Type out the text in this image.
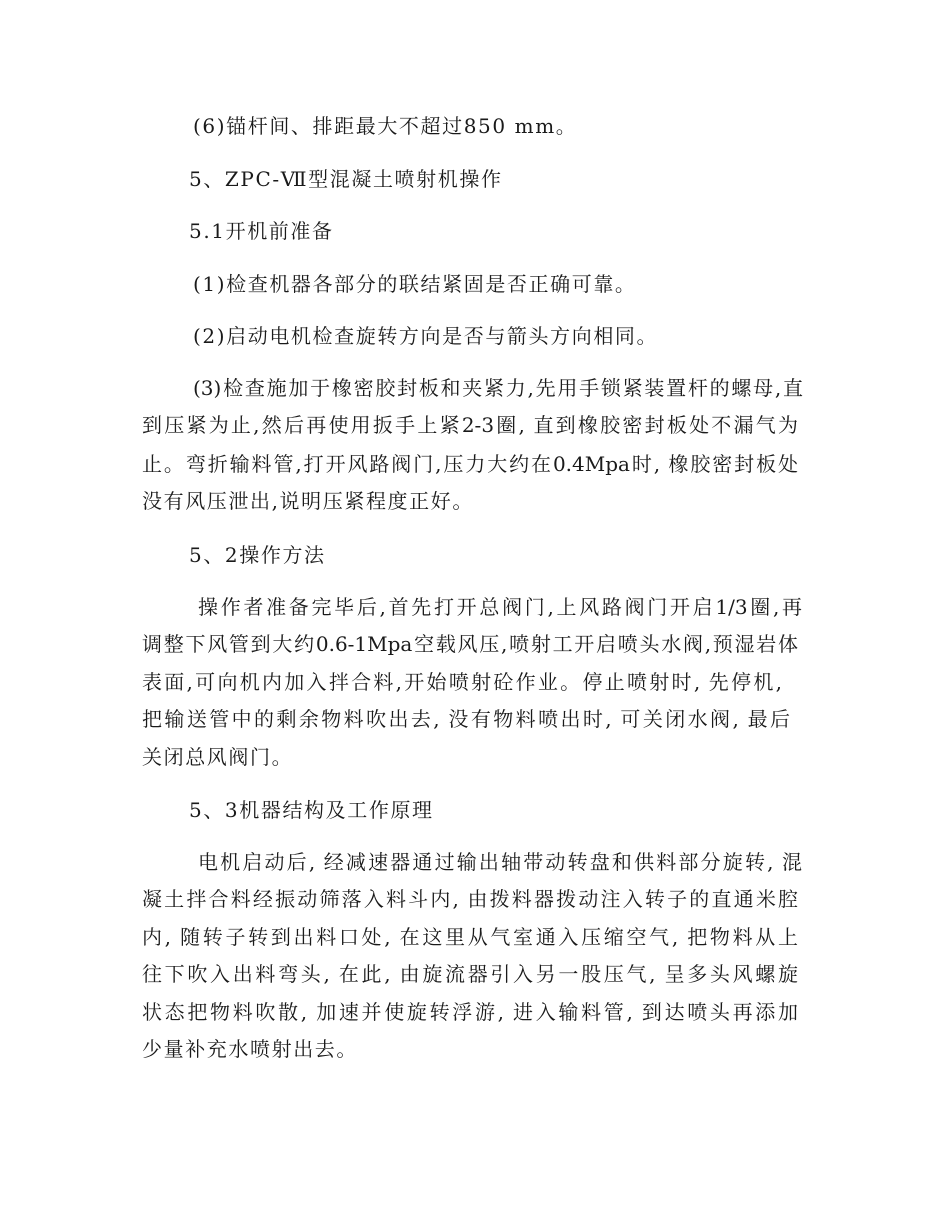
(6)锚杆间、排距最大不超过850 mm。
5、ZPC-Ⅶ型混凝土喷射机操作
5.1开机前准备
(1)检查机器各部分的联结紧固是否正确可靠。
(2)启动电机检查旋转方向是否与箭头方向相同。
(3)检查施加于橡密胶封板和夹紧力,先用手锁紧装置杆的螺母,直
到压紧为止,然后再使用扳手上紧2-3圈, 直到橡胶密封板处不漏气为
止。弯折输料管,打开风路阀门,压力大约在0.4Mpa时, 橡胶密封板处
没有风压泄出,说明压紧程度正好。
5、2操作方法
操作者准备完毕后,首先打开总阀门,上风路阀门开启1/3圈,再
调整下风管到大约0.6-1Mpa空载风压,喷射工开启喷头水阀,预湿岩体
表面,可向机内加入拌合料,开始喷射砼作业。停止喷射时, 先停机,
把输送管中的剩余物料吹出去, 没有物料喷出时, 可关闭水阀, 最后
关闭总风阀门。
5、3机器结构及工作原理
电机启动后, 经减速器通过输出轴带动转盘和供料部分旋转, 混
凝土拌合料经振动筛落入料斗内, 由拨料器拨动注入转子的直通米腔
内, 随转子转到出料口处, 在这里从气室通入压缩空气, 把物料从上
往下吹入出料弯头, 在此, 由旋流器引入另一股压气, 呈多头风螺旋
状态把物料吹散, 加速并使旋转浮游, 进入输料管, 到达喷头再添加
少量补充水喷射出去。
